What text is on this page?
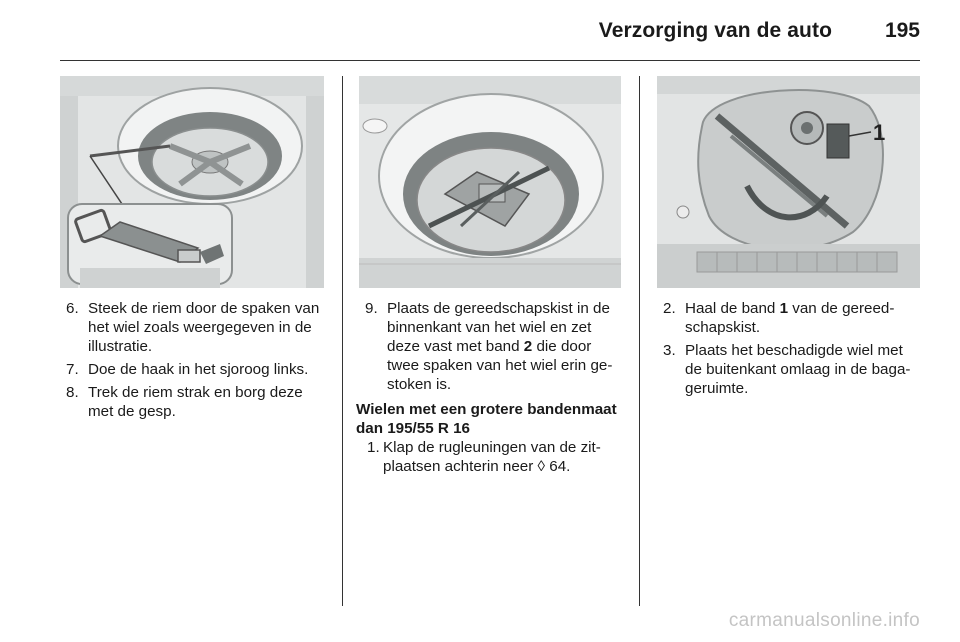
Verzorging van de auto	195
1
6. Steek de riem door de spaken van het wiel zoals weergegeven in de illustratie.
7. Doe de haak in het sjoroog links.
8. Trek de riem strak en borg deze met de gesp.
9. Plaats de gereedschapskist in de binnenkant van het wiel en zet deze vast met band 2 die door twee spaken van het wiel erin ge-stoken is.
Wielen met een grotere bandenmaat dan 195/55 R 16
1. Klap de rugleuningen van de zit-plaatsen achterin neer ◊ 64.
2. Haal de band 1 van de gereed-schapskist.
3. Plaats het beschadigde wiel met de buitenkant omlaag in de baga-geruimte.
carmanualsonline.info
